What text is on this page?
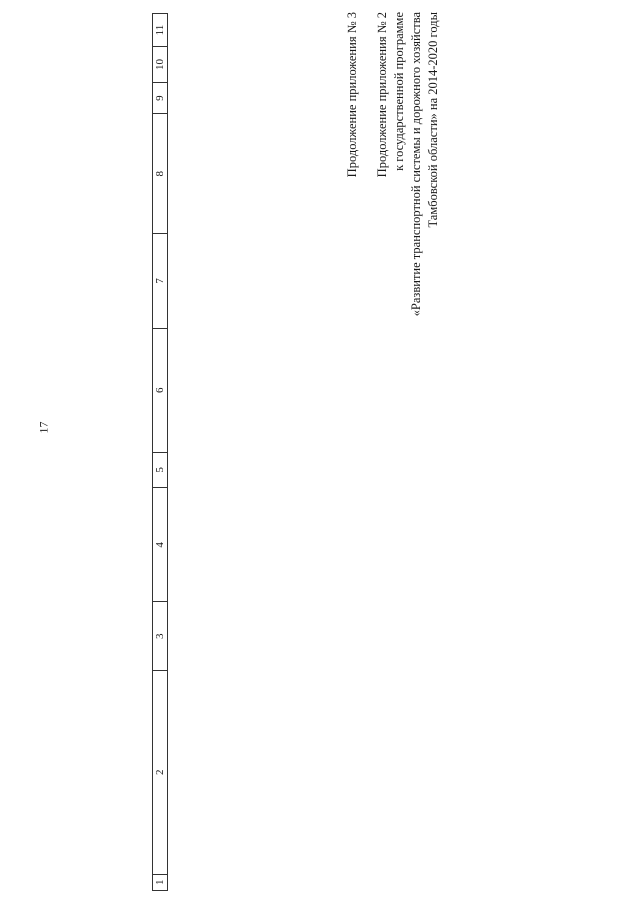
17
Продолжение приложения № 3 Продолжение приложения № 2 к государственной программе «Развитие транспортной системы и дорожного хозяйства Тамбовской области» на 2014-2020 годы
1	2	3	4	5	6	7	8	9	10	11
